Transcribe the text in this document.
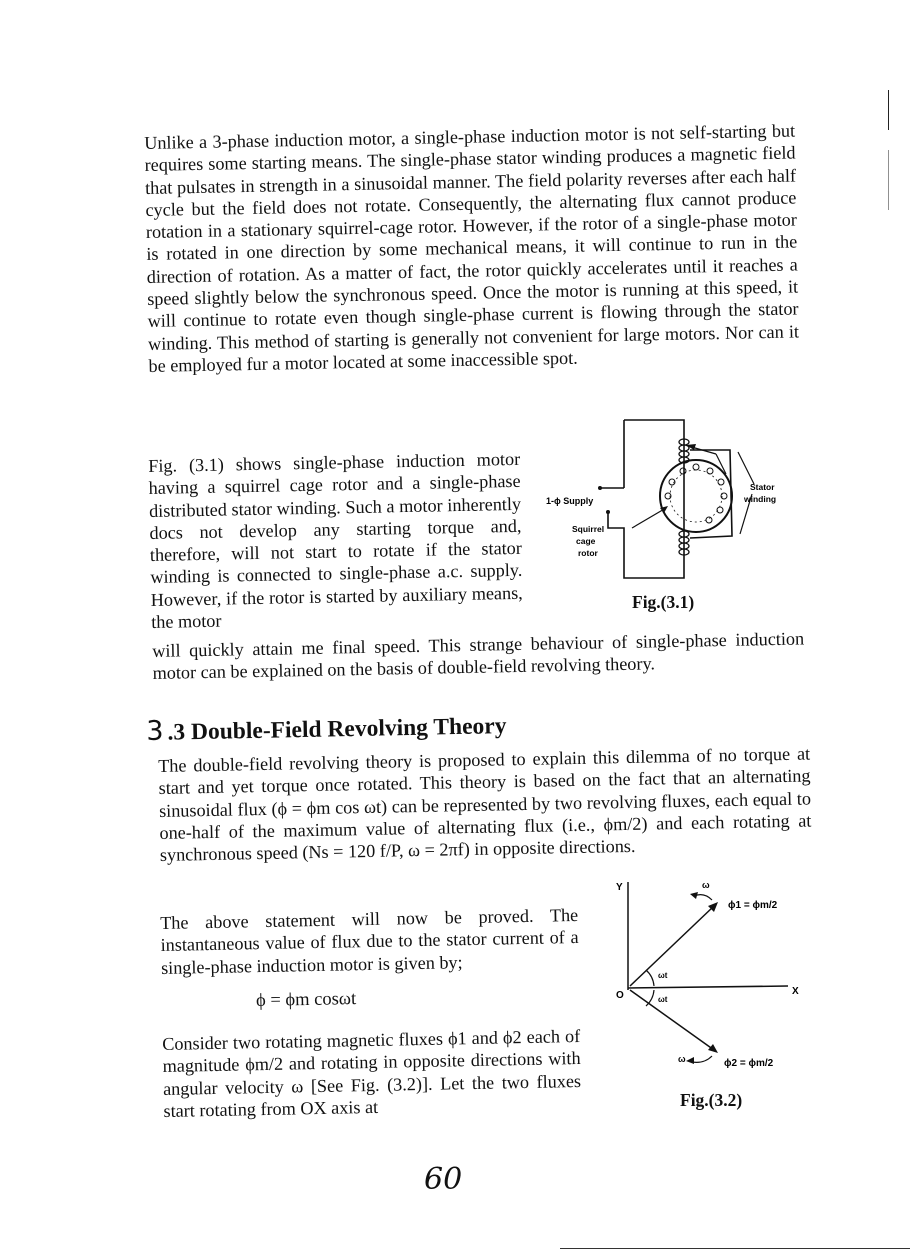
Unlike a 3-phase induction motor, a single-phase induction motor is not self-starting but requires some starting means. The single-phase stator winding produces a magnetic field that pulsates in strength in a sinusoidal manner. The field polarity reverses after each half cycle but the field does not rotate. Consequently, the alternating flux cannot produce rotation in a stationary squirrel-cage rotor. However, if the rotor of a single-phase motor is rotated in one direction by some mechanical means, it will continue to run in the direction of rotation. As a matter of fact, the rotor quickly accelerates until it reaches a speed slightly below the synchronous speed. Once the motor is running at this speed, it will continue to rotate even though single-phase current is flowing through the stator winding. This method of starting is generally not convenient for large motors. Nor can it be employed fur a motor located at some inaccessible spot.

Fig. (3.1) shows single-phase induction motor having a squirrel cage rotor and a single-phase distributed stator winding. Such a motor inherently docs not develop any starting torque and, therefore, will not start to rotate if the stator winding is connected to single-phase a.c. supply. However, if the rotor is started by auxiliary means, the motor

will quickly attain me final speed. This strange behaviour of single-phase induction motor can be explained on the basis of double-field revolving theory.

3 .3 Double-Field Revolving Theory

The double-field revolving theory is proposed to explain this dilemma of no torque at start and yet torque once rotated. This theory is based on the fact that an alternating sinusoidal flux (ϕ = ϕm cos ωt) can be represented by two revolving fluxes, each equal to one-half of the maximum value of alternating flux (i.e., ϕm/2) and each rotating at synchronous speed (Ns = 120 f/P, ω = 2πf) in opposite directions.

The above statement will now be proved. The instantaneous value of flux due to the stator current of a single-phase induction motor is given by;

ϕ = ϕm cosωt

Consider two rotating magnetic fluxes ϕ1 and ϕ2 each of magnitude ϕm/2 and rotating in opposite directions with angular velocity ω [See Fig. (3.2)]. Let the two fluxes start rotating from OX axis at

1-ϕ Supply
Squirrel
cage
rotor
Stator
winding
Fig.(3.1)
Y
X
O
ω
ω
ωt
ωt
ϕ1 = ϕm/2
ϕ2 = ϕm/2
Fig.(3.2)
60
